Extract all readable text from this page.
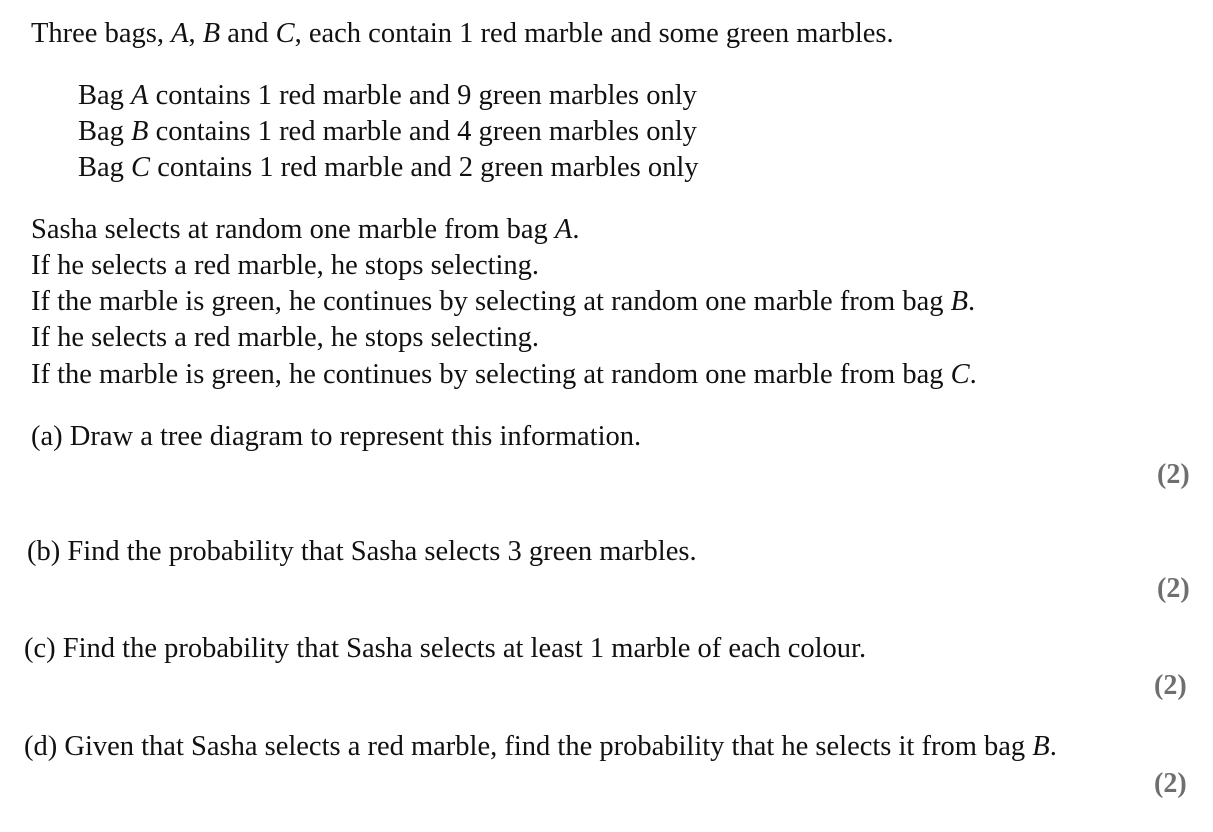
Three bags, A, B and C, each contain 1 red marble and some green marbles.
Bag A contains 1 red marble and 9 green marbles only
Bag B contains 1 red marble and 4 green marbles only
Bag C contains 1 red marble and 2 green marbles only
Sasha selects at random one marble from bag A.
If he selects a red marble, he stops selecting.
If the marble is green, he continues by selecting at random one marble from bag B.
If he selects a red marble, he stops selecting.
If the marble is green, he continues by selecting at random one marble from bag C.
(a) Draw a tree diagram to represent this information.
(2)
(b) Find the probability that Sasha selects 3 green marbles.
(2)
(c) Find the probability that Sasha selects at least 1 marble of each colour.
(2)
(d) Given that Sasha selects a red marble, find the probability that he selects it from bag B.
(2)
